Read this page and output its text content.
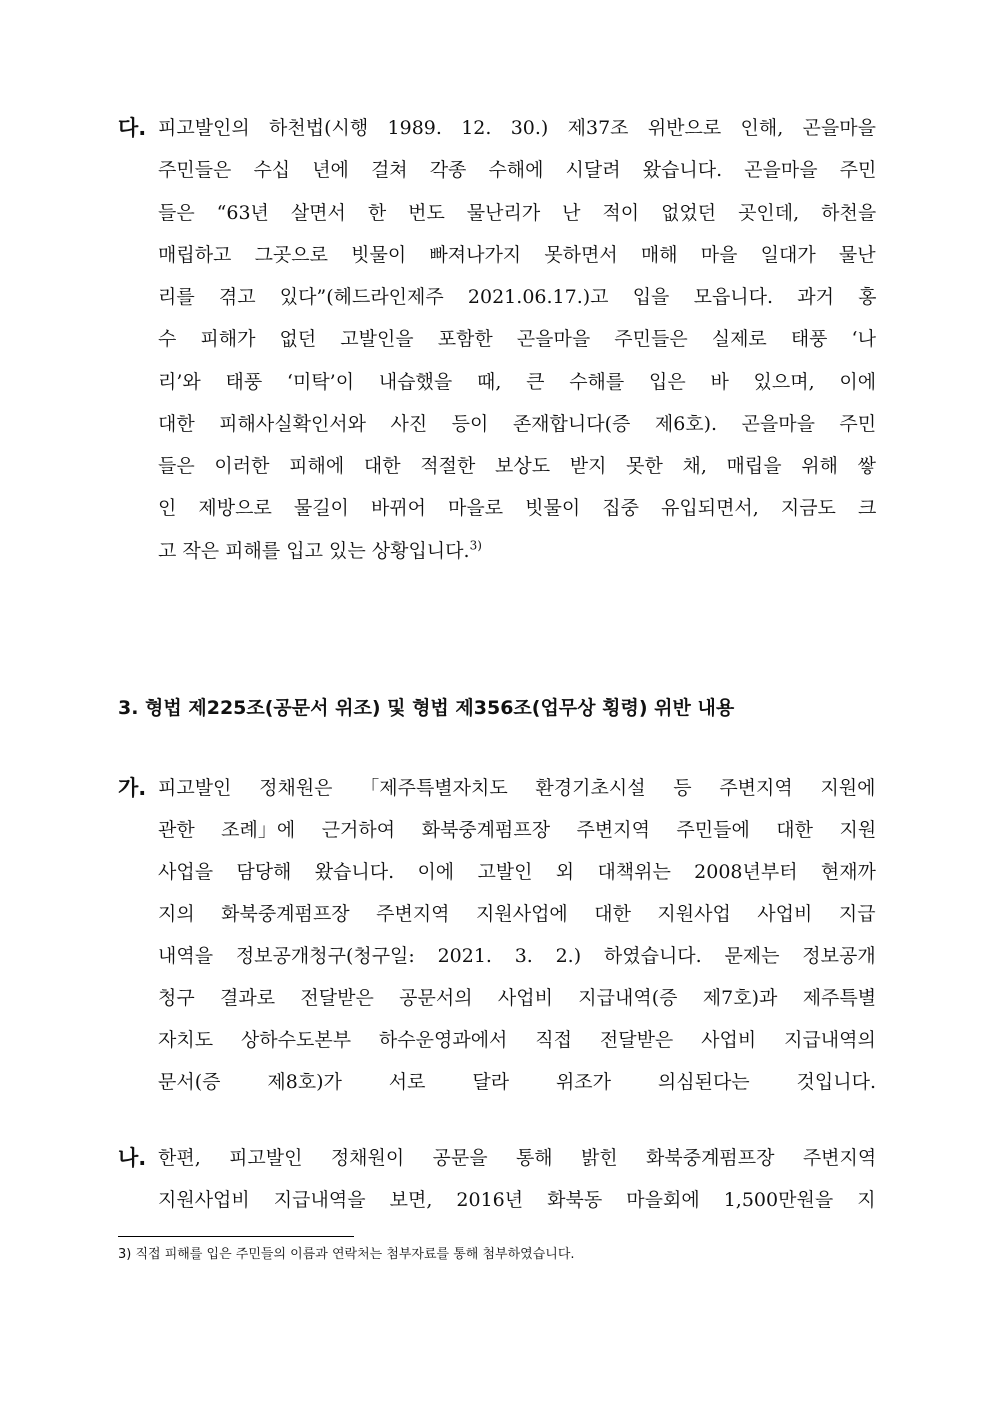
다. 피고발인의 하천법(시행 1989. 12. 30.) 제37조 위반으로 인해, 곤을마을
주민들은 수십 년에 걸쳐 각종 수해에 시달려 왔습니다. 곤을마을 주민
들은 “63년 살면서 한 번도 물난리가 난 적이 없었던 곳인데, 하천을
매립하고 그곳으로 빗물이 빠져나가지 못하면서 매해 마을 일대가 물난
리를 겪고 있다”(헤드라인제주 2021.06.17.)고 입을 모읍니다. 과거 홍
수 피해가 없던 고발인을 포함한 곤을마을 주민들은 실제로 태풍 ‘나
리’와 태풍 ‘미탁’이 내습했을 때, 큰 수해를 입은 바 있으며, 이에
대한 피해사실확인서와 사진 등이 존재합니다(증 제6호). 곤을마을 주민
들은 이러한 피해에 대한 적절한 보상도 받지 못한 채, 매립을 위해 쌓
인 제방으로 물길이 바뀌어 마을로 빗물이 집중 유입되면서, 지금도 크
고 작은 피해를 입고 있는 상황입니다.$^{3)}$
3. 형법 제225조(공문서 위조) 및 형법 제356조(업무상 횡령) 위반 내용
가. 피고발인 정채원은 「제주특별자치도 환경기초시설 등 주변지역 지원에
관한 조례」에 근거하여 화북중계펌프장 주변지역 주민들에 대한 지원
사업을 담당해 왔습니다. 이에 고발인 외 대책위는 2008년부터 현재까
지의 화북중계펌프장 주변지역 지원사업에 대한 지원사업 사업비 지급
내역을 정보공개청구(청구일: 2021. 3. 2.) 하였습니다. 문제는 정보공개
청구 결과로 전달받은 공문서의 사업비 지급내역(증 제7호)과 제주특별
자치도 상하수도본부 하수운영과에서 직접 전달받은 사업비 지급내역의
문서(증 제8호)가 서로 달라 위조가 의심된다는 것입니다.
나. 한편, 피고발인 정채원이 공문을 통해 밝힌 화북중계펌프장 주변지역
지원사업비 지급내역을 보면, 2016년 화북동 마을회에 1,500만원을 지
3) 직접 피해를 입은 주민들의 이름과 연락처는 첨부자료를 통해 첨부하였습니다.
